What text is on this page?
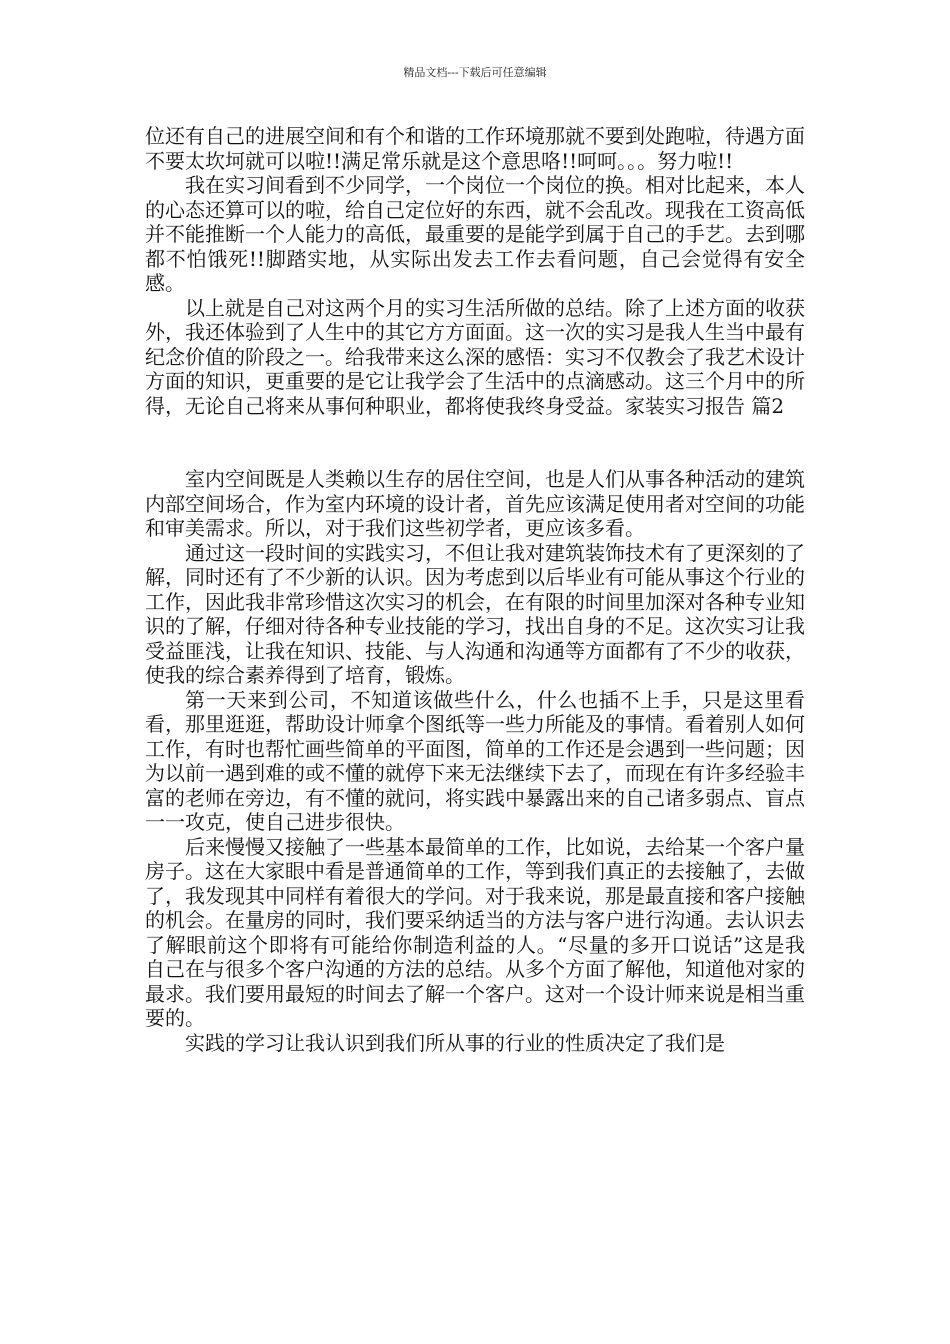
精品文档---下载后可任意编辑

位还有自己的进展空间和有个和谐的工作环境那就不要到处跑啦，待遇方面不要太坎坷就可以啦!!满足常乐就是这个意思咯!!呵呵。。。努力啦!!

我在实习间看到不少同学，一个岗位一个岗位的换。相对比起来，本人的心态还算可以的啦，给自己定位好的东西，就不会乱改。现我在工资高低并不能推断一个人能力的高低，最重要的是能学到属于自己的手艺。去到哪都不怕饿死!!脚踏实地，从实际出发去工作去看问题，自己会觉得有安全感。

以上就是自己对这两个月的实习生活所做的总结。除了上述方面的收获外，我还体验到了人生中的其它方方面面。这一次的实习是我人生当中最有纪念价值的阶段之一。给我带来这么深的感悟：实习不仅教会了我艺术设计方面的知识，更重要的是它让我学会了生活中的点滴感动。这三个月中的所得，无论自己将来从事何种职业，都将使我终身受益。家装实习报告 篇2

室内空间既是人类赖以生存的居住空间，也是人们从事各种活动的建筑内部空间场合，作为室内环境的设计者，首先应该满足使用者对空间的功能和审美需求。所以，对于我们这些初学者，更应该多看。

通过这一段时间的实践实习，不但让我对建筑装饰技术有了更深刻的了解，同时还有了不少新的认识。因为考虑到以后毕业有可能从事这个行业的工作，因此我非常珍惜这次实习的机会，在有限的时间里加深对各种专业知识的了解，仔细对待各种专业技能的学习，找出自身的不足。这次实习让我受益匪浅，让我在知识、技能、与人沟通和沟通等方面都有了不少的收获，使我的综合素养得到了培育，锻炼。

第一天来到公司，不知道该做些什么，什么也插不上手，只是这里看看，那里逛逛，帮助设计师拿个图纸等一些力所能及的事情。看着别人如何工作，有时也帮忙画些简单的平面图，简单的工作还是会遇到一些问题；因为以前一遇到难的或不懂的就停下来无法继续下去了，而现在有许多经验丰富的老师在旁边，有不懂的就问，将实践中暴露出来的自己诸多弱点、盲点一一攻克，使自己进步很快。

后来慢慢又接触了一些基本最简单的工作，比如说，去给某一个客户量房子。这在大家眼中看是普通简单的工作，等到我们真正的去接触了，去做了，我发现其中同样有着很大的学问。对于我来说，那是最直接和客户接触的机会。在量房的同时，我们要采纳适当的方法与客户进行沟通。去认识去了解眼前这个即将有可能给你制造利益的人。“尽量的多开口说话”这是我自己在与很多个客户沟通的方法的总结。从多个方面了解他，知道他对家的最求。我们要用最短的时间去了解一个客户。这对一个设计师来说是相当重要的。

实践的学习让我认识到我们所从事的行业的性质决定了我们是
